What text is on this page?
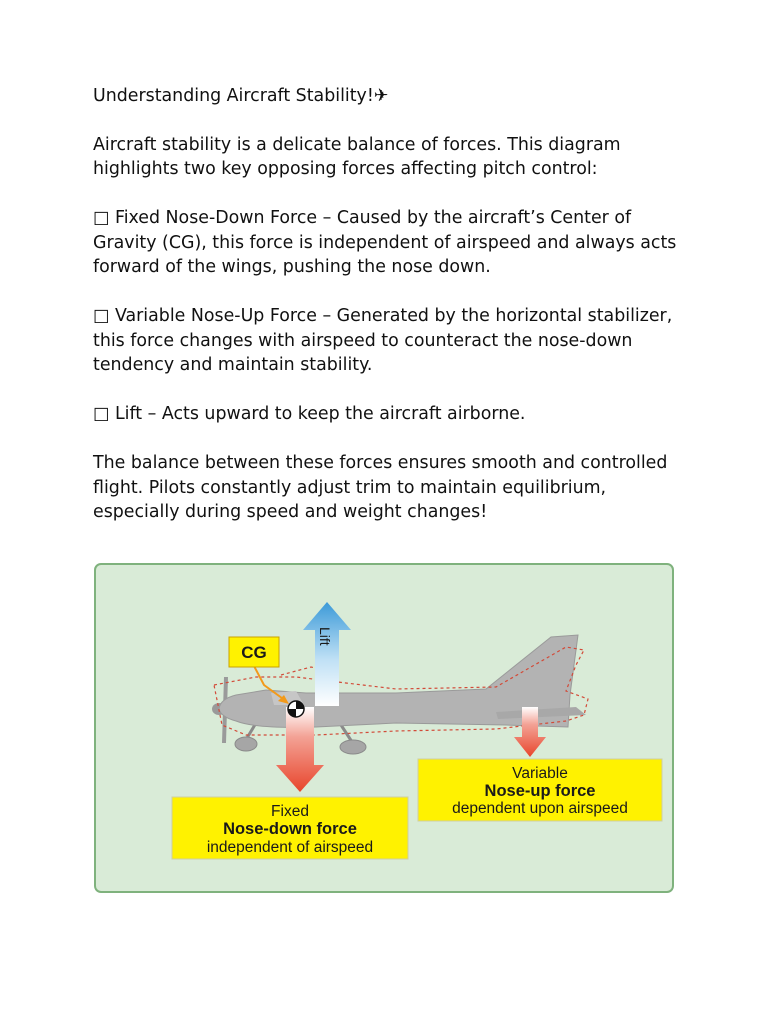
Understanding Aircraft Stability!✈

Aircraft stability is a delicate balance of forces. This diagram highlights two key opposing forces affecting pitch control:

□ Fixed Nose-Down Force – Caused by the aircraft’s Center of Gravity (CG), this force is independent of airspeed and always acts forward of the wings, pushing the nose down.

□ Variable Nose-Up Force – Generated by the horizontal stabilizer, this force changes with airspeed to counteract the nose-down tendency and maintain stability.

□ Lift – Acts upward to keep the aircraft airborne.

The balance between these forces ensures smooth and controlled flight. Pilots constantly adjust trim to maintain equilibrium, especially during speed and weight changes!

Lift
CG
Variable
Nose-up force
dependent upon airspeed
Fixed
Nose-down force
independent of airspeed
